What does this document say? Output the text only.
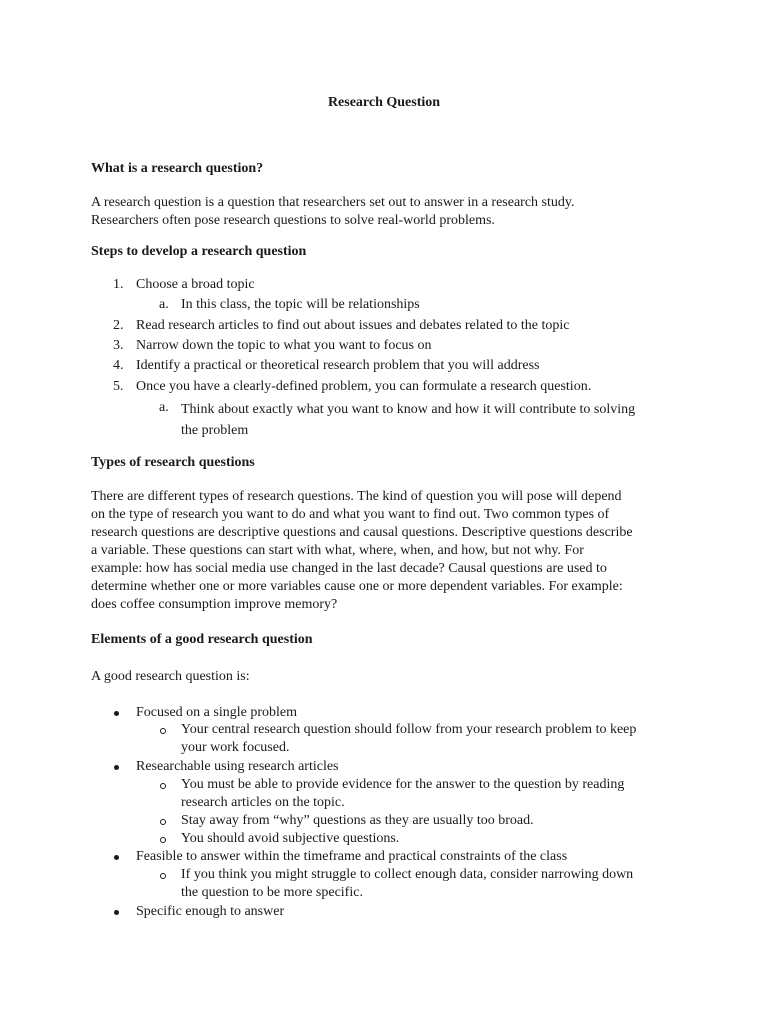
Research Question

What is a research question?

A research question is a question that researchers set out to answer in a research study.
Researchers often pose research questions to solve real-world problems.

Steps to develop a research question

1. Choose a broad topic
a. In this class, the topic will be relationships
2. Read research articles to find out about issues and debates related to the topic
3. Narrow down the topic to what you want to focus on
4. Identify a practical or theoretical research problem that you will address
5. Once you have a clearly-defined problem, you can formulate a research question.
a. Think about exactly what you want to know and how it will contribute to solving
the problem

Types of research questions

There are different types of research questions. The kind of question you will pose will depend
on the type of research you want to do and what you want to find out. Two common types of
research questions are descriptive questions and causal questions. Descriptive questions describe
a variable. These questions can start with what, where, when, and how, but not why. For
example: how has social media use changed in the last decade? Causal questions are used to
determine whether one or more variables cause one or more dependent variables. For example:
does coffee consumption improve memory?

Elements of a good research question

A good research question is:

Focused on a single problem
Your central research question should follow from your research problem to keep
your work focused.
Researchable using research articles
You must be able to provide evidence for the answer to the question by reading
research articles on the topic.
Stay away from “why” questions as they are usually too broad.
You should avoid subjective questions.
Feasible to answer within the timeframe and practical constraints of the class
If you think you might struggle to collect enough data, consider narrowing down
the question to be more specific.
Specific enough to answer
